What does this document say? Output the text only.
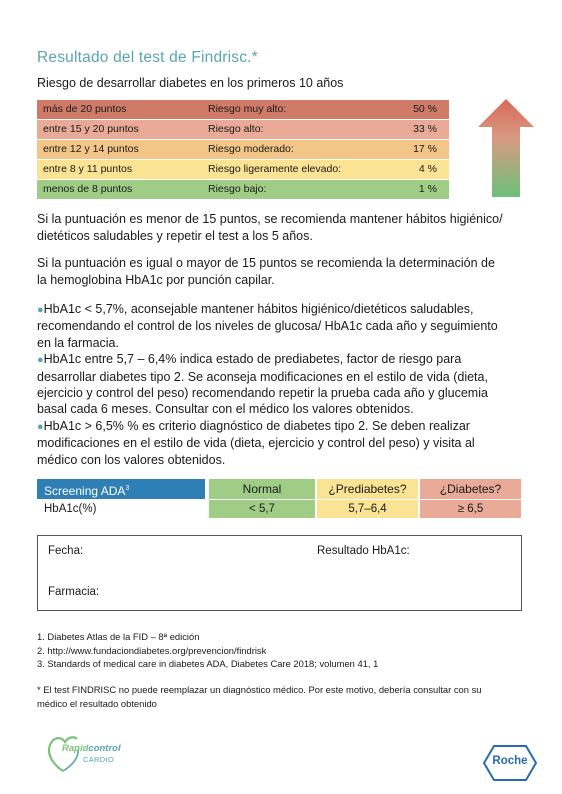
Resultado del test de Findrisc.*
Riesgo de desarrollar diabetes en los primeros 10 años
más de 20 puntos	Riesgo muy alto:	50 %
entre 15 y 20 puntos	Riesgo alto:	33 %
entre 12 y 14 puntos	Riesgo moderado:	17 %
entre 8 y 11 puntos	Riesgo ligeramente elevado:	4 %
menos de 8 puntos	Riesgo bajo:	1 %
Si la puntuación es menor de 15 puntos, se recomienda mantener hábitos higiénico/
dietéticos saludables y repetir el test a los 5 años.
Si la puntuación es igual o mayor de 15 puntos se recomienda la determinación de
la hemoglobina HbA1c por punción capilar.
●HbA1c < 5,7%, aconsejable mantener hábitos higiénico/dietéticos saludables,
recomendando el control de los niveles de glucosa/ HbA1c cada año y seguimiento
en la farmacia.
●HbA1c entre 5,7 – 6,4% indica estado de prediabetes, factor de riesgo para
desarrollar diabetes tipo 2. Se aconseja modificaciones en el estilo de vida (dieta,
ejercicio y control del peso) recomendando repetir la prueba cada año y glucemia
basal cada 6 meses. Consultar con el médico los valores obtenidos.
●HbA1c > 6,5% % es criterio diagnóstico de diabetes tipo 2. Se deben realizar
modificaciones en el estilo de vida (dieta, ejercicio y control del peso) y visita al
médico con los valores obtenidos.
Screening ADA$^3$	Normal	¿Prediabetes?	¿Diabetes?
HbA1c(%)	< 5,7	5,7–6,4	≥ 6,5
Fecha:	Resultado HbA1c:
Farmacia:
1. Diabetes Atlas de la FID – 8ª edición
2. http://www.fundaciondiabetes.org/prevencion/findrisk
3. Standards of medical care in diabetes ADA, Diabetes Care 2018; volumen 41, 1
* El test FINDRISC no puede reemplazar un diagnóstico médico. Por este motivo, debería consultar con su
médico el resultado obtenido
Rapidcontrol
CARDIO	Roche
